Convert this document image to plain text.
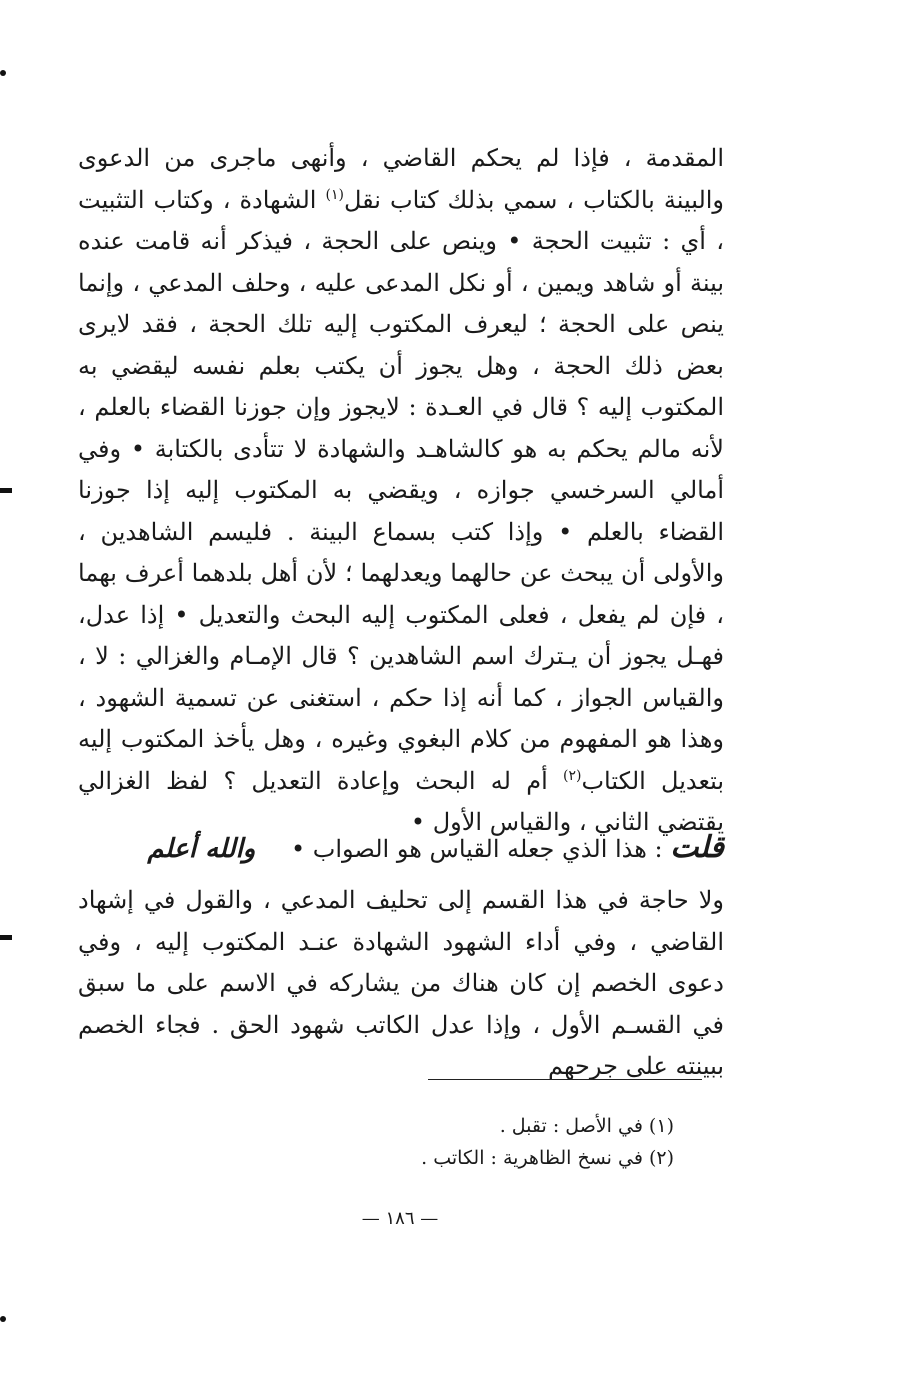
المقدمة ، فإذا لم يحكم القاضي ، وأنهى ماجرى من الدعوى والبينة بالكتاب ، سمي بذلك كتاب نقل$^{(١)}$ الشهادة ، وكتاب التثبيت ، أي : تثبيت الحجة • وينص على الحجة ، فيذكر أنه قامت عنده بينة أو شاهد ويمين ، أو نكل المدعى عليه ، وحلف المدعي ، وإنما ينص على الحجة ؛ ليعرف المكتوب إليه تلك الحجة ، فقد لايرى بعض ذلك الحجة ، وهل يجوز أن يكتب بعلم نفسه ليقضي به المكتوب إليه ؟ قال في العـدة : لايجوز وإن جوزنا القضاء بالعلم ، لأنه مالم يحكم به هو كالشاهـد والشهادة لا تتأدى بالكتابة • وفي أمالي السرخسي جوازه ، ويقضي به المكتوب إليه إذا جوزنا القضاء بالعلم • وإذا كتب بسماع البينة . فليسم الشاهدين ، والأولى أن يبحث عن حالهما ويعدلهما ؛ لأن أهل بلدهما أعرف بهما ، فإن لم يفعل ، فعلى المكتوب إليه البحث والتعديل • إذا عدل، فهـل يجوز أن يـترك اسم الشاهدين ؟ قال الإمـام والغزالي : لا ، والقياس الجواز ، كما أنه إذا حكم ، استغنى عن تسمية الشهود ، وهذا هو المفهوم من كلام البغوي وغيره ، وهل يأخذ المكتوب إليه بتعديل الكتاب$^{(٢)}$ أم له البحث وإعادة التعديل ؟ لفظ الغزالي يقتضي الثاني ، والقياس الأول •
قلت : هذا الذي جعله القياس هو الصواب • والله أعلم
ولا حاجة في هذا القسم إلى تحليف المدعي ، والقول في إشهاد القاضي ، وفي أداء الشهود الشهادة عنـد المكتوب إليه ، وفي دعوى الخصم إن كان هناك من يشاركه في الاسم على ما سبق في القسـم الأول ، وإذا عدل الكاتب شهود الحق . فجاء الخصم ببينته على جرحهم
(١) في الأصل : تقبل .
(٢) في نسخ الظاهرية : الكاتب .
— ١٨٦ —
